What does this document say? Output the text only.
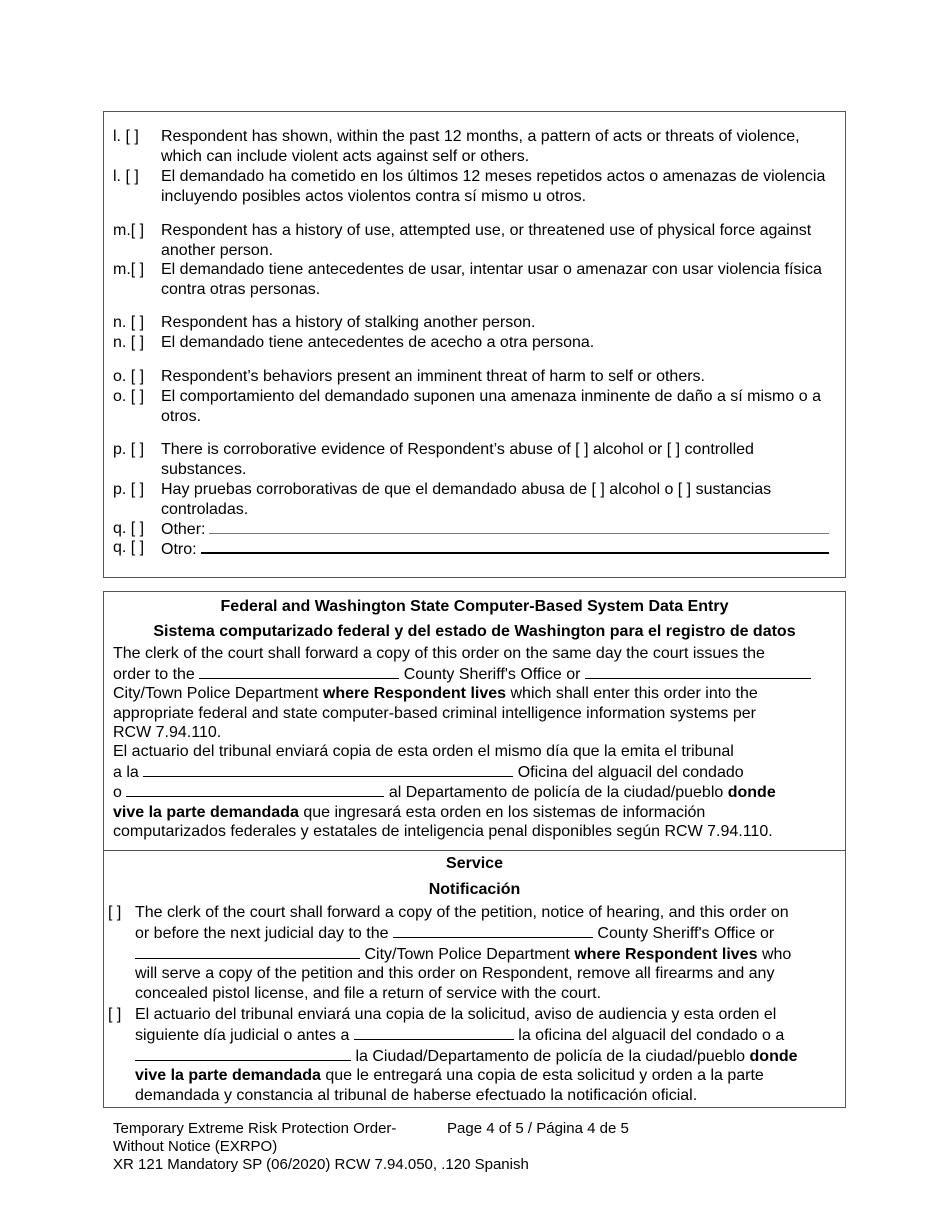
l. [ ]	Respondent has shown, within the past 12 months, a pattern of acts or threats of violence, which can include violent acts against self or others.
l. [ ]	El demandado ha cometido en los últimos 12 meses repetidos actos o amenazas de violencia incluyendo posibles actos violentos contra sí mismo u otros.
m.[ ]	Respondent has a history of use, attempted use, or threatened use of physical force against another person.
m.[ ]	El demandado tiene antecedentes de usar, intentar usar o amenazar con usar violencia física contra otras personas.
n. [ ]	Respondent has a history of stalking another person.
n. [ ]	El demandado tiene antecedentes de acecho a otra persona.
o. [ ]	Respondent’s behaviors present an imminent threat of harm to self or others.
o. [ ]	El comportamiento del demandado suponen una amenaza inminente de daño a sí mismo o a otros.
p. [ ]	There is corroborative evidence of Respondent’s abuse of [ ] alcohol or [ ] controlled substances.
p. [ ]	Hay pruebas corroborativas de que el demandado abusa de [ ] alcohol o [ ] sustancias controladas.
q. [ ]	Other:
q. [ ]	Otro:
Federal and Washington State Computer-Based System Data Entry
Sistema computarizado federal y del estado de Washington para el registro de datos
The clerk of the court shall forward a copy of this order on the same day the court issues the
order to the	County Sheriff's Office or
City/Town Police Department where Respondent lives which shall enter this order into the
appropriate federal and state computer-based criminal intelligence information systems per
RCW 7.94.110.
El actuario del tribunal enviará copia de esta orden el mismo día que la emita el tribunal
a la	Oficina del alguacil del condado
o	al Departamento de policía de la ciudad/pueblo donde
vive la parte demandada que ingresará esta orden en los sistemas de información
computarizados federales y estatales de inteligencia penal disponibles según RCW 7.94.110.
Service
Notificación
[ ] The clerk of the court shall forward a copy of the petition, notice of hearing, and this order on
or before the next judicial day to the	County Sheriff's Office or
City/Town Police Department where Respondent lives who
will serve a copy of the petition and this order on Respondent, remove all firearms and any
concealed pistol license, and file a return of service with the court.
[ ] El actuario del tribunal enviará una copia de la solicitud, aviso de audiencia y esta orden el
siguiente día judicial o antes a	la oficina del alguacil del condado o a
la Ciudad/Departamento de policía de la ciudad/pueblo donde
vive la parte demandada que le entregará una copia de esta solicitud y orden a la parte
demandada y constancia al tribunal de haberse efectuado la notificación oficial.
Temporary Extreme Risk Protection Order-
Without Notice (EXRPO)
XR 121 Mandatory SP (06/2020) RCW 7.94.050, .120 Spanish
Page 4 of 5 / Página 4 de 5
